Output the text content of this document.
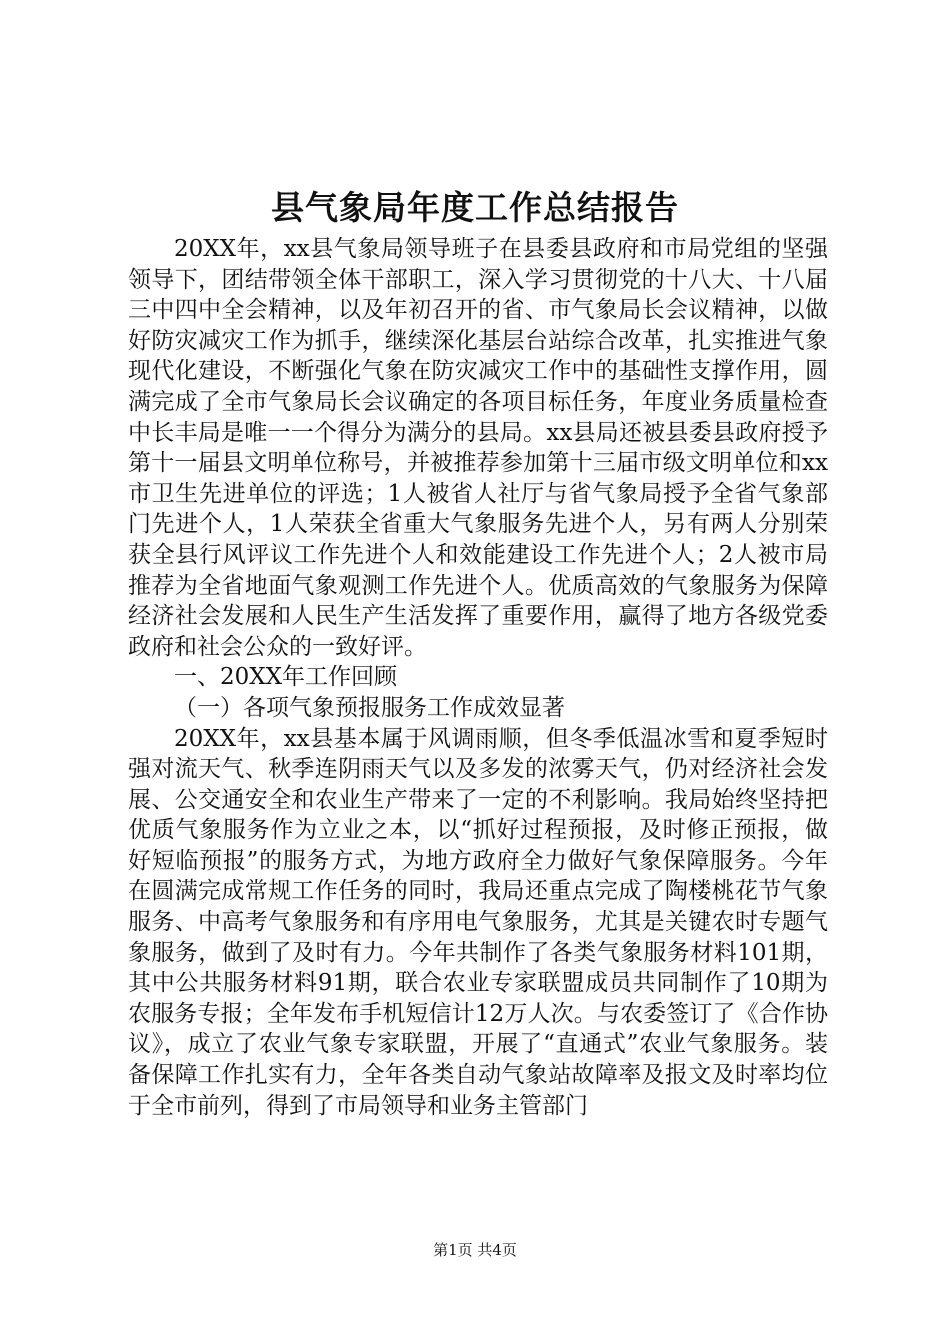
县气象局年度工作总结报告

20XX年，xx县气象局领导班子在县委县政府和市局党组的坚强领导下，团结带领全体干部职工，深入学习贯彻党的十八大、十八届三中四中全会精神，以及年初召开的省、市气象局长会议精神，以做好防灾减灾工作为抓手，继续深化基层台站综合改革，扎实推进气象现代化建设，不断强化气象在防灾减灾工作中的基础性支撑作用，圆满完成了全市气象局长会议确定的各项目标任务，年度业务质量检查中长丰局是唯一一个得分为满分的县局。xx县局还被县委县政府授予第十一届县文明单位称号，并被推荐参加第十三届市级文明单位和xx市卫生先进单位的评选；1人被省人社厅与省气象局授予全省气象部门先进个人，1人荣获全省重大气象服务先进个人，另有两人分别荣获全县行风评议工作先进个人和效能建设工作先进个人；2人被市局推荐为全省地面气象观测工作先进个人。优质高效的气象服务为保障经济社会发展和人民生产生活发挥了重要作用，赢得了地方各级党委政府和社会公众的一致好评。

一、20XX年工作回顾

（一）各项气象预报服务工作成效显著

20XX年，xx县基本属于风调雨顺，但冬季低温冰雪和夏季短时强对流天气、秋季连阴雨天气以及多发的浓雾天气，仍对经济社会发展、公交通安全和农业生产带来了一定的不利影响。我局始终坚持把优质气象服务作为立业之本，以“抓好过程预报，及时修正预报，做好短临预报”的服务方式，为地方政府全力做好气象保障服务。今年在圆满完成常规工作任务的同时，我局还重点完成了陶楼桃花节气象服务、中高考气象服务和有序用电气象服务，尤其是关键农时专题气象服务，做到了及时有力。今年共制作了各类气象服务材料101期，其中公共服务材料91期，联合农业专家联盟成员共同制作了10期为农服务专报；全年发布手机短信计12万人次。与农委签订了《合作协议》，成立了农业气象专家联盟，开展了“直通式”农业气象服务。装备保障工作扎实有力，全年各类自动气象站故障率及报文及时率均位于全市前列，得到了市局领导和业务主管部门

第1页 共4页
